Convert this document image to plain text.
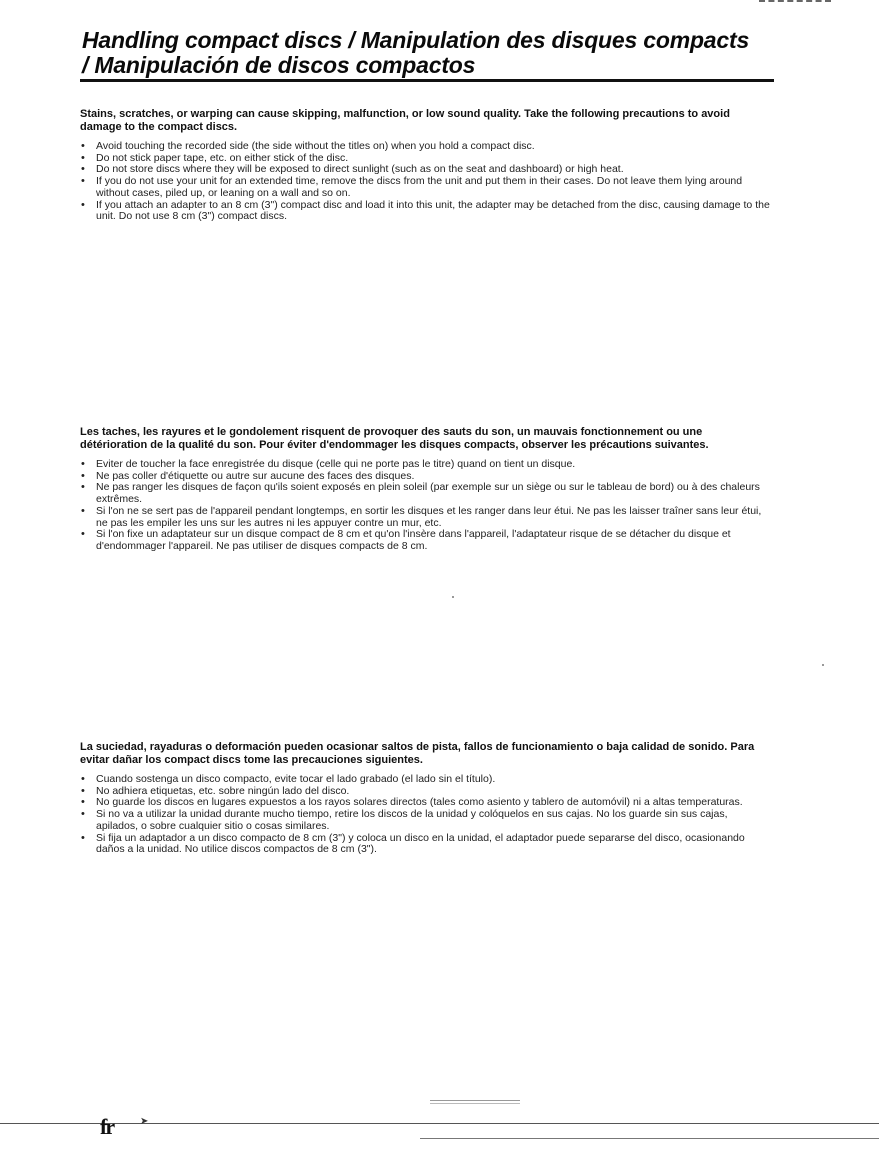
Handling compact discs / Manipulation des disques compacts
/ Manipulación de discos compactos

Stains, scratches, or warping can cause skipping, malfunction, or low sound quality. Take the following precautions to avoid damage to the compact discs.

• Avoid touching the recorded side (the side without the titles on) when you hold a compact disc.
• Do not stick paper tape, etc. on either stick of the disc.
• Do not store discs where they will be exposed to direct sunlight (such as on the seat and dashboard) or high heat.
• If you do not use your unit for an extended time, remove the discs from the unit and put them in their cases. Do not leave them lying around without cases, piled up, or leaning on a wall and so on.
• If you attach an adapter to an 8 cm (3") compact disc and load it into this unit, the adapter may be detached from the disc, causing damage to the unit. Do not use 8 cm (3") compact discs.

Les taches, les rayures et le gondolement risquent de provoquer des sauts du son, un mauvais fonctionnement ou une détérioration de la qualité du son. Pour éviter d'endommager les disques compacts, observer les précautions suivantes.

• Eviter de toucher la face enregistrée du disque (celle qui ne porte pas le titre) quand on tient un disque.
• Ne pas coller d'étiquette ou autre sur aucune des faces des disques.
• Ne pas ranger les disques de façon qu'ils soient exposés en plein soleil (par exemple sur un siège ou sur le tableau de bord) ou à des chaleurs extrêmes.
• Si l'on ne se sert pas de l'appareil pendant longtemps, en sortir les disques et les ranger dans leur étui. Ne pas les laisser traîner sans leur étui, ne pas les empiler les uns sur les autres ni les appuyer contre un mur, etc.
• Si l'on fixe un adaptateur sur un disque compact de 8 cm et qu'on l'insère dans l'appareil, l'adaptateur risque de se détacher du disque et d'endommager l'appareil. Ne pas utiliser de disques compacts de 8 cm.

La suciedad, rayaduras o deformación pueden ocasionar saltos de pista, fallos de funcionamiento o baja calidad de sonido. Para evitar dañar los compact discs tome las precauciones siguientes.

• Cuando sostenga un disco compacto, evite tocar el lado grabado (el lado sin el título).
• No adhiera etiquetas, etc. sobre ningún lado del disco.
• No guarde los discos en lugares expuestos a los rayos solares directos (tales como asiento y tablero de automóvil) ni a altas temperaturas.
• Si no va a utilizar la unidad durante mucho tiempo, retire los discos de la unidad y colóquelos en sus cajas. No los guarde sin sus cajas, apilados, o sobre cualquier sitio o cosas similares.
• Si fija un adaptador a un disco compacto de 8 cm (3") y coloca un disco en la unidad, el adaptador puede separarse del disco, ocasionando daños a la unidad. No utilice discos compactos de 8 cm (3").
fr	➤
